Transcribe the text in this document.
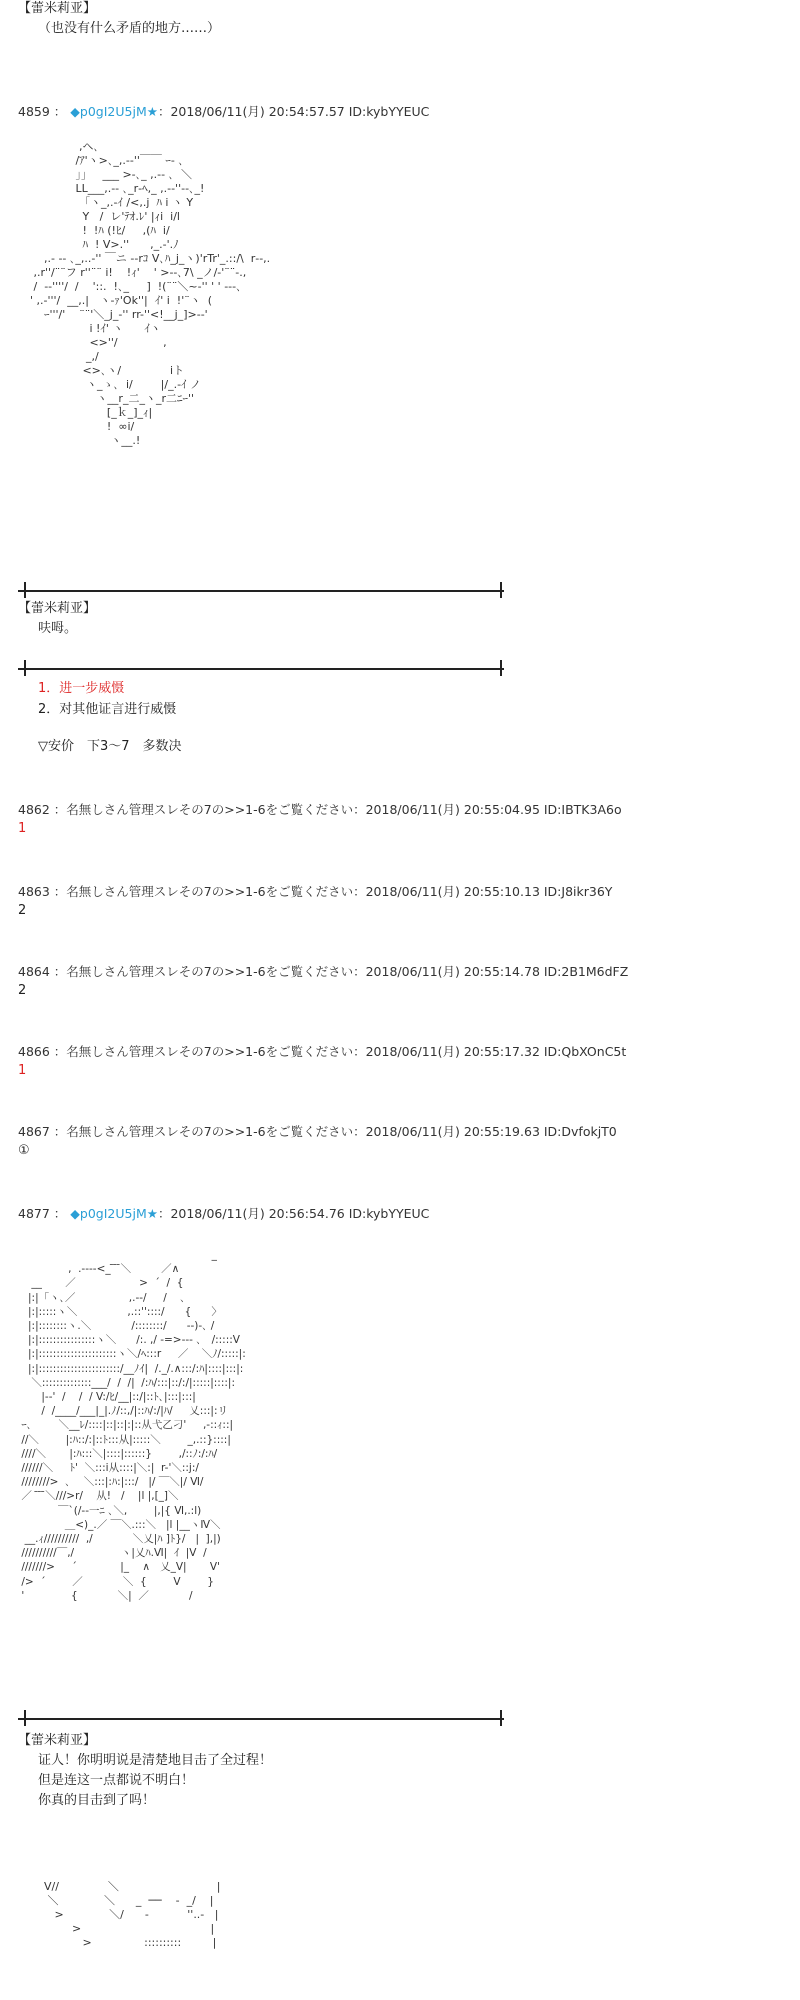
【蕾米莉亚】
（也没有什么矛盾的地方……）
4859 ： ◆p0gI2U5jM★：2018/06/11(月) 20:54:57.57 ID:kybYYEUC
,ヘ､
/ｱ'ヽ>､_,.-‐''￣￣ ｰ- ､
」」   ___ >-､_ ,.-‐ ､  ＼
LL___,.-‐ ､_r‐ﾍ,_ ,.-‐''‐-､_!
「ヽ_,.-ｲ /<,.j  ﾊ i ヽ Y
Y   /  レ'ﾃｵ.ﾚ' |ｨi  i/l
!  !ﾊ (!ﾋ/     ,(ﾊ  i/
ﾊ  ! V>.''      ,_.-'.ﾉ
,.- -- ､_,..-'' ￣ニ ‐-rｺ V､ﾊ_j_ヽ)'rTr'_.::/\  r‐-,.
,.r''/¨¨フ r''¨¨ i!    !ｨ'    ' >‐-､7\ _ノ/‐'¨¨‐.,
/  ‐-''''/  /    '::.  !､_     ]  !(¨¨＼~-'' ' ' ‐--､
' ,.-'''/  __,.|   ヽ-ｧ'Ok''|  ｲ' i  !'¨ヽ  (
ｰ'''/'    ¨¨'＼_j_-'' rr-''<!__j_]>-‐'
i !ｲ' ヽ      ｲヽ
<>''/             ,
_,/
<>､ヽ/              iト
ヽ_ゝ､  i/        |/_.-ｲ ノ
ヽ__r_二_ヽ_r二ﾆｰ''
[_ｋ_]_ｨ|
!  ∞i/
ヽ__.!
【蕾米莉亚】
呋呣。
1．进一步威慑
2．对其他证言进行威慑
▽安价　下3～7　多数决
4862 ：名無しさん管理スレその7の>>1-6をご覧ください：2018/06/11(月) 20:55:04.95 ID:IBTK3A6o
1
4863 ：名無しさん管理スレその7の>>1-6をご覧ください：2018/06/11(月) 20:55:10.13 ID:J8ikr36Y
2
4864 ：名無しさん管理スレその7の>>1-6をご覧ください：2018/06/11(月) 20:55:14.78 ID:2B1M6dFZ
2
4866 ：名無しさん管理スレその7の>>1-6をご覧ください：2018/06/11(月) 20:55:17.32 ID:QbXOnC5t
1
4867 ：名無しさん管理スレその7の>>1-6をご覧ください：2018/06/11(月) 20:55:19.63 ID:DvfokjT0
①
4877 ： ◆p0gI2U5jM★：2018/06/11(月) 20:56:54.76 ID:kybYYEUC
_
,  .-‐‐‐<_ ̄ ̄ ̄＼         ／∧
__       ／                   >  ´  /  {
|:|「ヽ､／                ,.-‐/     /    ､
|:|:::::ヽ＼               ,.::''::::/      {      〉
|:|::::::::ヽ.＼            /::::::::/      -‐)-､ /
|:|::::::::::::::::ヽ＼      /:. ,/ ‐=>‐-- ､   /:::::V
|:|::::::::::::::::::::::ヽ＼/ﾍ:::r     ／    ＼ﾉ/:::::|:
|:|:::::::::::::::::::::::/__ﾉｲ|  /._/.∧:::/:ﾊ|::::|:::|:
＼::::::::::::::___/  /  /|  /:ﾊ/:::|::/:/|:::::|::::|:
|‐-'  /    /  / V:/ﾋ/__|::/|::ﾄ､|:::|:::|
/  /____/___|_|.ﾉ/::,/|::ﾊ/:/|ﾊ/     乂:::|:リ
ｰ､        ＼__ﾚ/::::|::|::|:|::从弋乙刁'     ,-::ｨ::|
//＼        |:ﾊ::/:|::ﾄ:::从|:::::＼        _,.::}::::|
////＼       |:ﾊ:::＼|::::|::::::}        ,/::ﾉ:/:ﾊ/
//////＼     ﾄ'  ＼:::i从::::|＼:|  r-'＼::j:/
////////>  ､    ＼:::|:ﾊ:|:::/   |/ ￣＼|/ Ⅵ/
／  ̄ ̄ ̄＼///>r/    从!   /    |l |,[_]＼
￣`(/--一ﾆ ､＼,        |,|{ Ⅵ,.:l)
＿<)_.／ ￣＼.:::＼   |l |__ヽⅣ＼
__.ｨ//////////  ,/            ＼乂|ﾊ ]ﾄ}/   |  ],|)
//////////￣,/              ヽ|乂ﾊ.Ⅵ|  ｲ  |Ⅴ  /
///////>     ´             |_    ∧   乂_V|       V'
/>  ´        ／            ＼  {        V        }
'              {            ＼|  ／            /
【蕾米莉亚】
证人！你明明说是清楚地目击了全过程！
但是连这一点都说不明白！
你真的目击到了吗！
V//              ＼                            |
＼             ＼      _  ──    -  _/    |
>             ＼/      ‐           ''..-   |
>                                     |
>               ::::::::::         |
